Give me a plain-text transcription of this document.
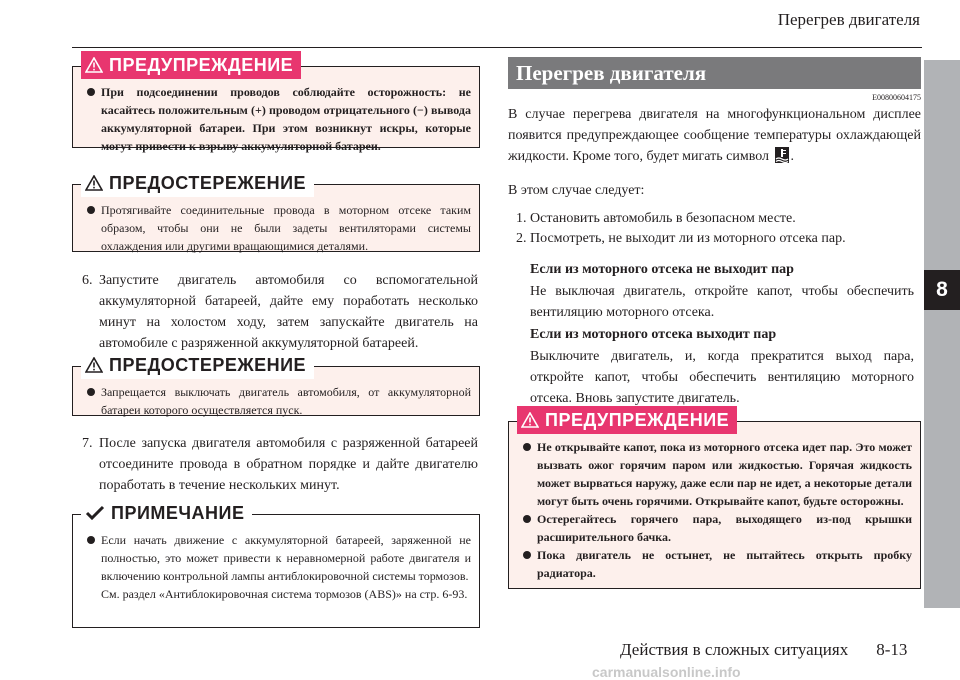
Перегрев двигателя
8
ПРЕДУПРЕЖДЕНИЕ
При подсоединении проводов соблюдайте осторожность: не касайтесь положительным (+) проводом отрицательного (−) вывода аккумуляторной батареи. При этом возникнут искры, которые могут привести к взрыву аккумуляторной батареи.
ПРЕДОСТЕРЕЖЕНИЕ
Протягивайте соединительные провода в моторном отсеке таким образом, чтобы они не были задеты вентиляторами системы охлаждения или другими вращающимися деталями.
6. Запустите двигатель автомобиля со вспомогательной аккумуляторной батареей, дайте ему поработать несколько минут на холостом ходу, затем запускайте двигатель на автомобиле с разряженной аккумуляторной батареей.
ПРЕДОСТЕРЕЖЕНИЕ
Запрещается выключать двигатель автомобиля, от аккумуляторной батареи которого осуществляется пуск.
7. После запуска двигателя автомобиля с разряженной батареей отсоедините провода в обратном порядке и дайте двигателю поработать в течение нескольких минут.
ПРИМЕЧАНИЕ
Если начать движение с аккумуляторной батареей, заряженной не полностью, это может привести к неравномерной работе двигателя и включению контрольной лампы антиблокировочной системы тормозов.
См. раздел «Антиблокировочная система тормозов (ABS)» на стр. 6-93.
Перегрев двигателя
E00800604175
В случае перегрева двигателя на многофункциональном дисплее появится предупреждающее сообщение температуры охлаждающей жидкости. Кроме того, будет мигать символ .
В этом случае следует:
1. Остановить автомобиль в безопасном месте.
2. Посмотреть, не выходит ли из моторного отсека пар.
Если из моторного отсека не выходит пар
Не выключая двигатель, откройте капот, чтобы обеспечить вентиляцию моторного отсека.
Если из моторного отсека выходит пар
Выключите двигатель, и, когда прекратится выход пара, откройте капот, чтобы обеспечить вентиляцию моторного отсека. Вновь запустите двигатель.
ПРЕДУПРЕЖДЕНИЕ
Не открывайте капот, пока из моторного отсека идет пар. Это может вызвать ожог горячим паром или жидкостью. Горячая жидкость может вырваться наружу, даже если пар не идет, а некоторые детали могут быть очень горячими. Открывайте капот, будьте осторожны.
Остерегайтесь горячего пара, выходящего из-под крышки расширительного бачка.
Пока двигатель не остынет, не пытайтесь открыть пробку радиатора.
Действия в сложных ситуациях 8-13
carmanualsonline.info
